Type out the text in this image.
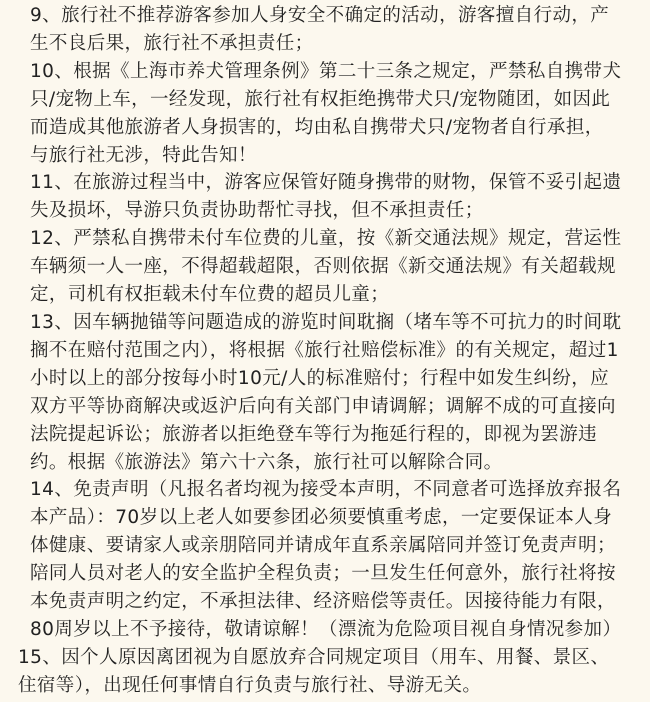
9、旅行社不推荐游客参加人身安全不确定的活动，游客擅自行动，产生不良后果，旅行社不承担责任；

10、根据《上海市养犬管理条例》第二十三条之规定，严禁私自携带犬只/宠物上车，一经发现，旅行社有权拒绝携带犬只/宠物随团，如因此而造成其他旅游者人身损害的，均由私自携带犬只/宠物者自行承担，与旅行社无涉，特此告知！

11、在旅游过程当中，游客应保管好随身携带的财物，保管不妥引起遗失及损坏，导游只负责协助帮忙寻找，但不承担责任；

12、严禁私自携带未付车位费的儿童，按《新交通法规》规定，营运性车辆须一人一座，不得超载超限，否则依据《新交通法规》有关超载规定，司机有权拒载未付车位费的超员儿童；

13、因车辆抛锚等问题造成的游览时间耽搁（堵车等不可抗力的时间耽搁不在赔付范围之内），将根据《旅行社赔偿标准》的有关规定，超过1小时以上的部分按每小时10元/人的标准赔付；行程中如发生纠纷，应双方平等协商解决或返沪后向有关部门申请调解；调解不成的可直接向法院提起诉讼；旅游者以拒绝登车等行为拖延行程的，即视为罢游违约。根据《旅游法》第六十六条，旅行社可以解除合同。

14、免责声明（凡报名者均视为接受本声明，不同意者可选择放弃报名本产品）：70岁以上老人如要参团必须要慎重考虑，一定要保证本人身体健康、要请家人或亲朋陪同并请成年直系亲属陪同并签订免责声明；陪同人员对老人的安全监护全程负责；一旦发生任何意外，旅行社将按本免责声明之约定，不承担法律、经济赔偿等责任。因接待能力有限，80周岁以上不予接待，敬请谅解！（漂流为危险项目视自身情况参加）

15、因个人原因离团视为自愿放弃合同规定项目（用车、用餐、景区、住宿等），出现任何事情自行负责与旅行社、导游无关。
